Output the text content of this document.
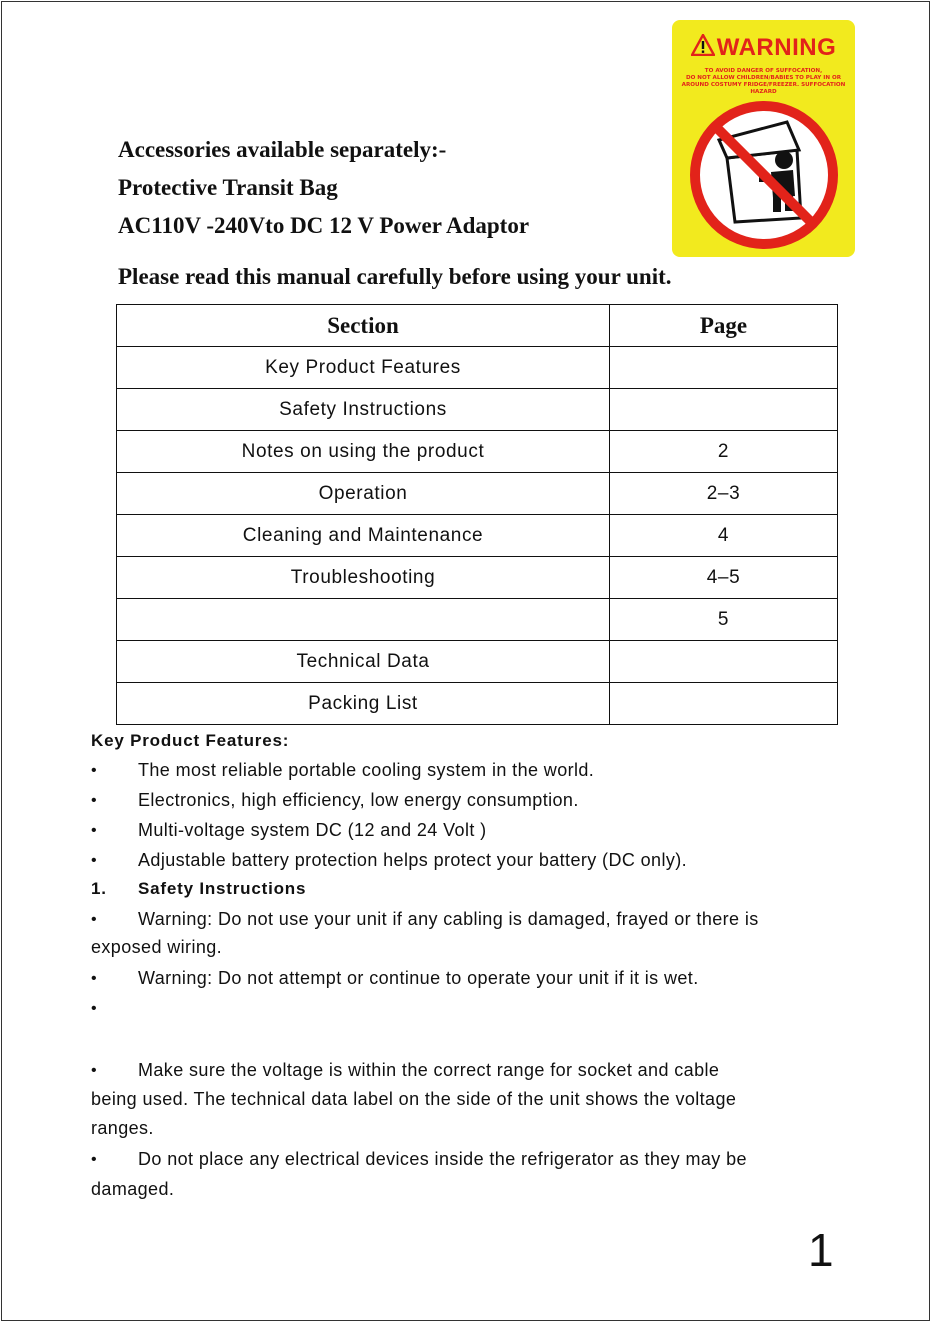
WARNING
TO AVOID DANGER OF SUFFOCATION,
DO NOT ALLOW CHILDREN/BABIES TO PLAY IN OR
AROUND COSTUMY FRIDGE/FREEZER. SUFFOCATION HAZARD
Accessories available separately:-
Protective Transit Bag
AC110V -240Vto DC 12 V Power Adaptor
Please read this manual carefully before using your unit.
Section	Page
Key Product Features	
Safety Instructions	
Notes on using the product	2
Operation	2–3
Cleaning and Maintenance	4
Troubleshooting	4–5
	5
Technical Data	
Packing List	
Key Product Features:
• The most reliable portable cooling system in the world.
• Electronics, high efficiency, low energy consumption.
• Multi-voltage system DC (12 and 24 Volt )
• Adjustable battery protection helps protect your battery (DC only).
1. Safety Instructions
• Warning: Do not use your unit if any cabling is damaged, frayed or there is
exposed wiring.
• Warning: Do not attempt or continue to operate your unit if it is wet.
•
• Make sure the voltage is within the correct range for socket and cable
being used. The technical data label on the side of the unit shows the voltage
ranges.
• Do not place any electrical devices inside the refrigerator as they may be
damaged.
1
